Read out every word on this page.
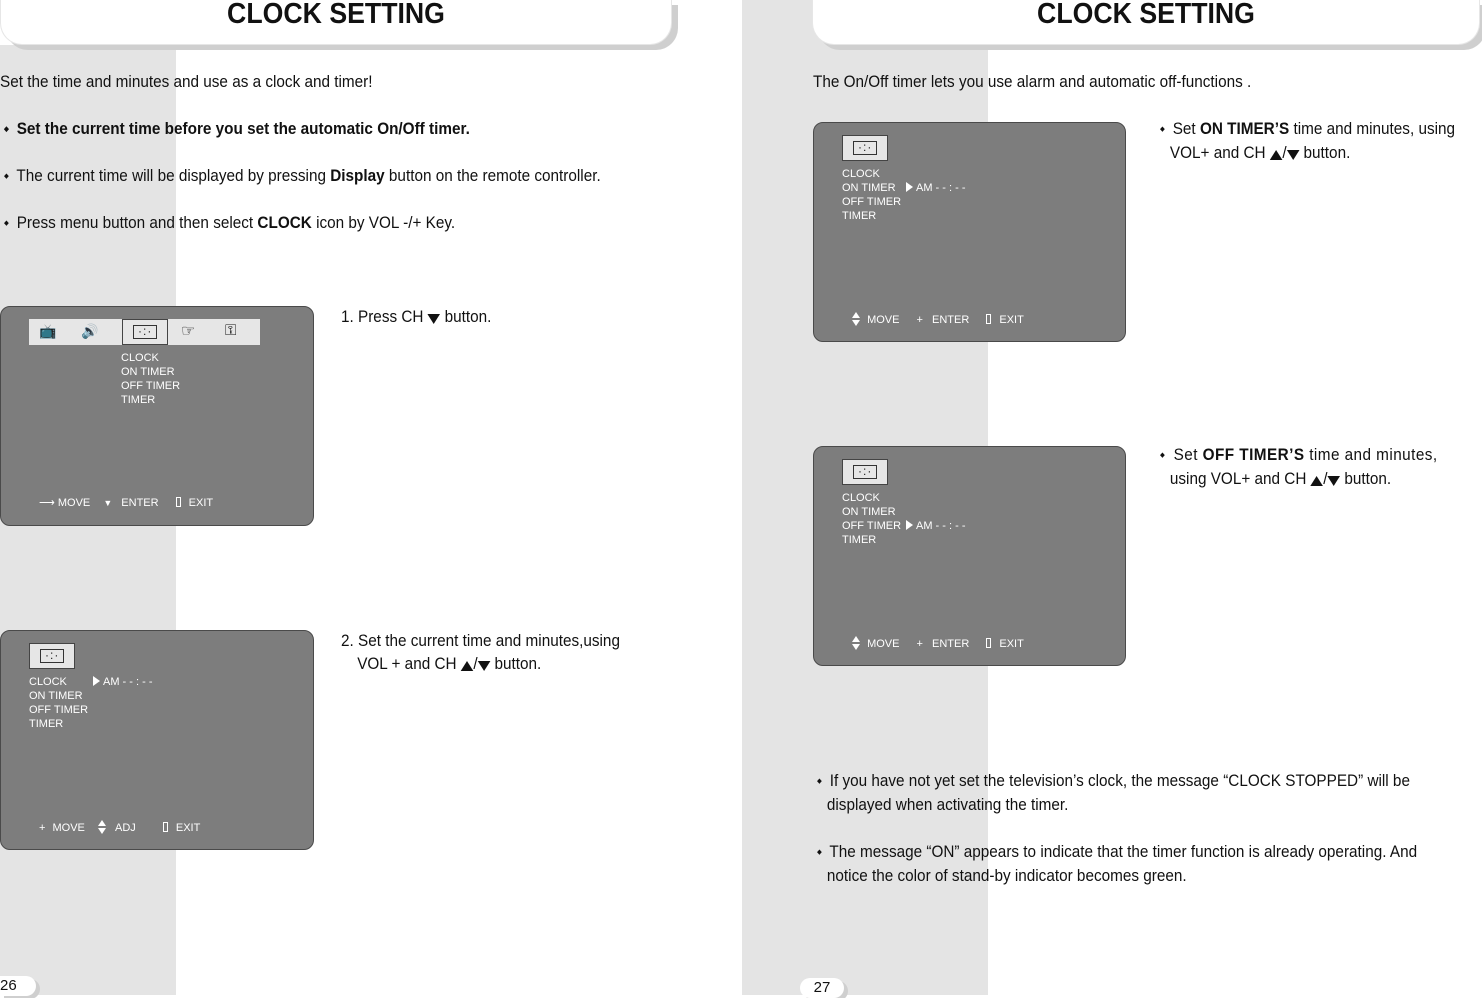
CLOCK SETTING
Set the time and minutes and use as a clock and timer!
◆ Set the current time before you set the automatic On/Off timer.
◆ The current time will be displayed by pressing Display button on the remote controller.
◆ Press menu button and then select CLOCK icon by VOL -/+ Key.
📺 🔊	☞ ⚿
·:·
CLOCK
ON TIMER
OFF TIMER
TIMER
⟶ MOVE ▼ ENTER	EXIT
1. Press CH  button.
·:·
CLOCK
ON TIMER
OFF TIMER
TIMER
AM - - : - -
+ MOVE	ADJ	EXIT
2. Set the current time and minutes,using
VOL + and CH / button.
26
CLOCK SETTING
The On/Off timer lets you use alarm and automatic off-functions .
·:·
CLOCK
ON TIMER
OFF TIMER
TIMER
AM - - : - -
MOVE + ENTER	EXIT
◆ Set ON TIMER’S time and minutes, using
VOL+ and CH / button.
·:·
CLOCK
ON TIMER
OFF TIMER
TIMER
AM - - : - -
MOVE + ENTER	EXIT
◆ Set OFF TIMER’S time and minutes,
using VOL+ and CH / button.
◆ If you have not yet set the television’s clock, the message “CLOCK STOPPED” will be
displayed when activating the timer.
◆ The message “ON” appears to indicate that the timer function is already operating. And
notice the color of stand-by indicator becomes green.
27
